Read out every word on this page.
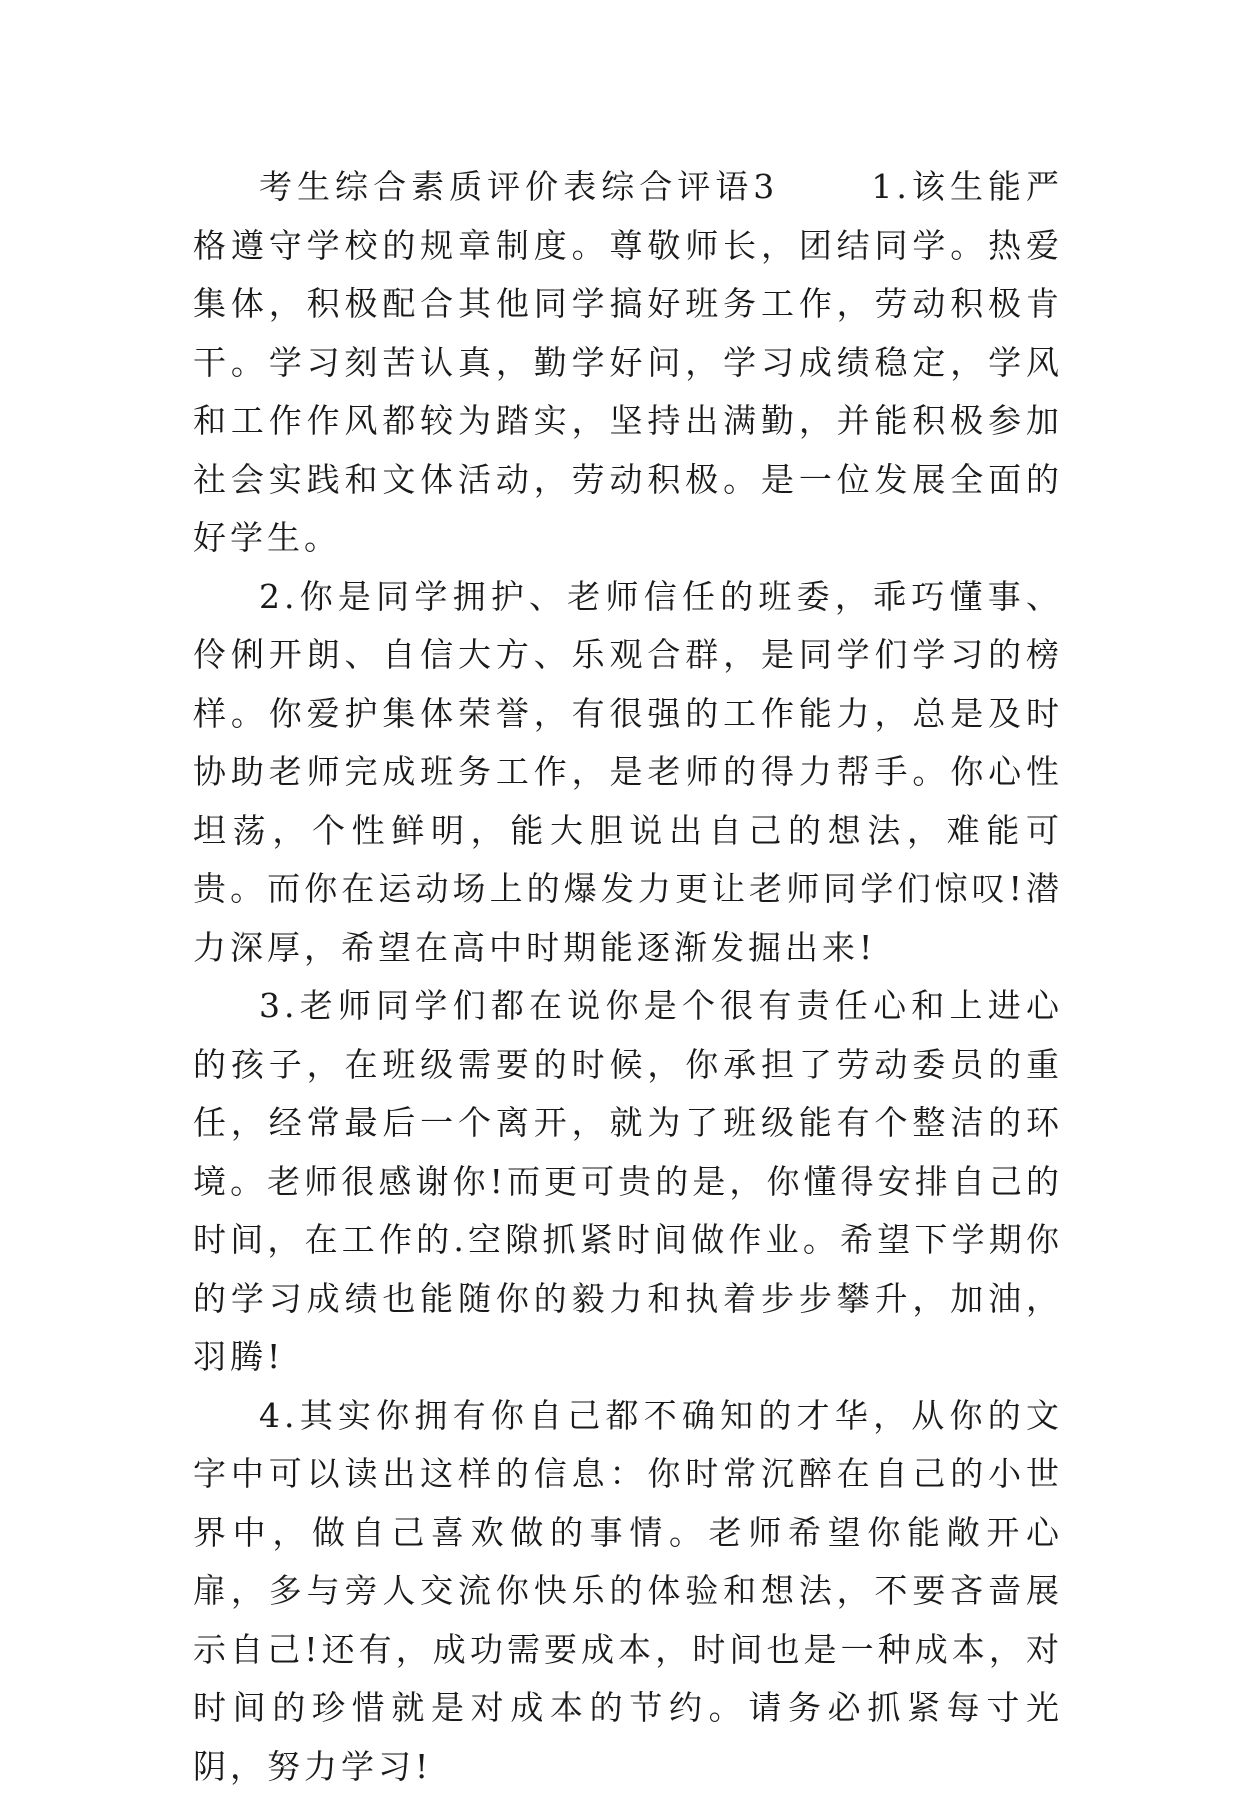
考生综合素质评价表综合评语3	1.该生能严格遵守学校的规章制度。尊敬师长，团结同学。热爱集体，积极配合其他同学搞好班务工作，劳动积极肯干。学习刻苦认真，勤学好问，学习成绩稳定，学风和工作作风都较为踏实，坚持出满勤，并能积极参加社会实践和文体活动，劳动积极。是一位发展全面的好学生。

2.你是同学拥护、老师信任的班委，乖巧懂事、伶俐开朗、自信大方、乐观合群，是同学们学习的榜样。你爱护集体荣誉，有很强的工作能力，总是及时协助老师完成班务工作，是老师的得力帮手。你心性坦荡，个性鲜明，能大胆说出自己的想法，难能可贵。而你在运动场上的爆发力更让老师同学们惊叹!潜力深厚，希望在高中时期能逐渐发掘出来!

3.老师同学们都在说你是个很有责任心和上进心的孩子，在班级需要的时候，你承担了劳动委员的重任，经常最后一个离开，就为了班级能有个整洁的环境。老师很感谢你!而更可贵的是，你懂得安排自己的时间，在工作的.空隙抓紧时间做作业。希望下学期你的学习成绩也能随你的毅力和执着步步攀升，加油，羽腾!

4.其实你拥有你自己都不确知的才华，从你的文字中可以读出这样的信息：你时常沉醉在自己的小世界中，做自己喜欢做的事情。老师希望你能敞开心扉，多与旁人交流你快乐的体验和想法，不要吝啬展示自己!还有，成功需要成本，时间也是一种成本，对时间的珍惜就是对成本的节约。请务必抓紧每寸光阴，努力学习!
